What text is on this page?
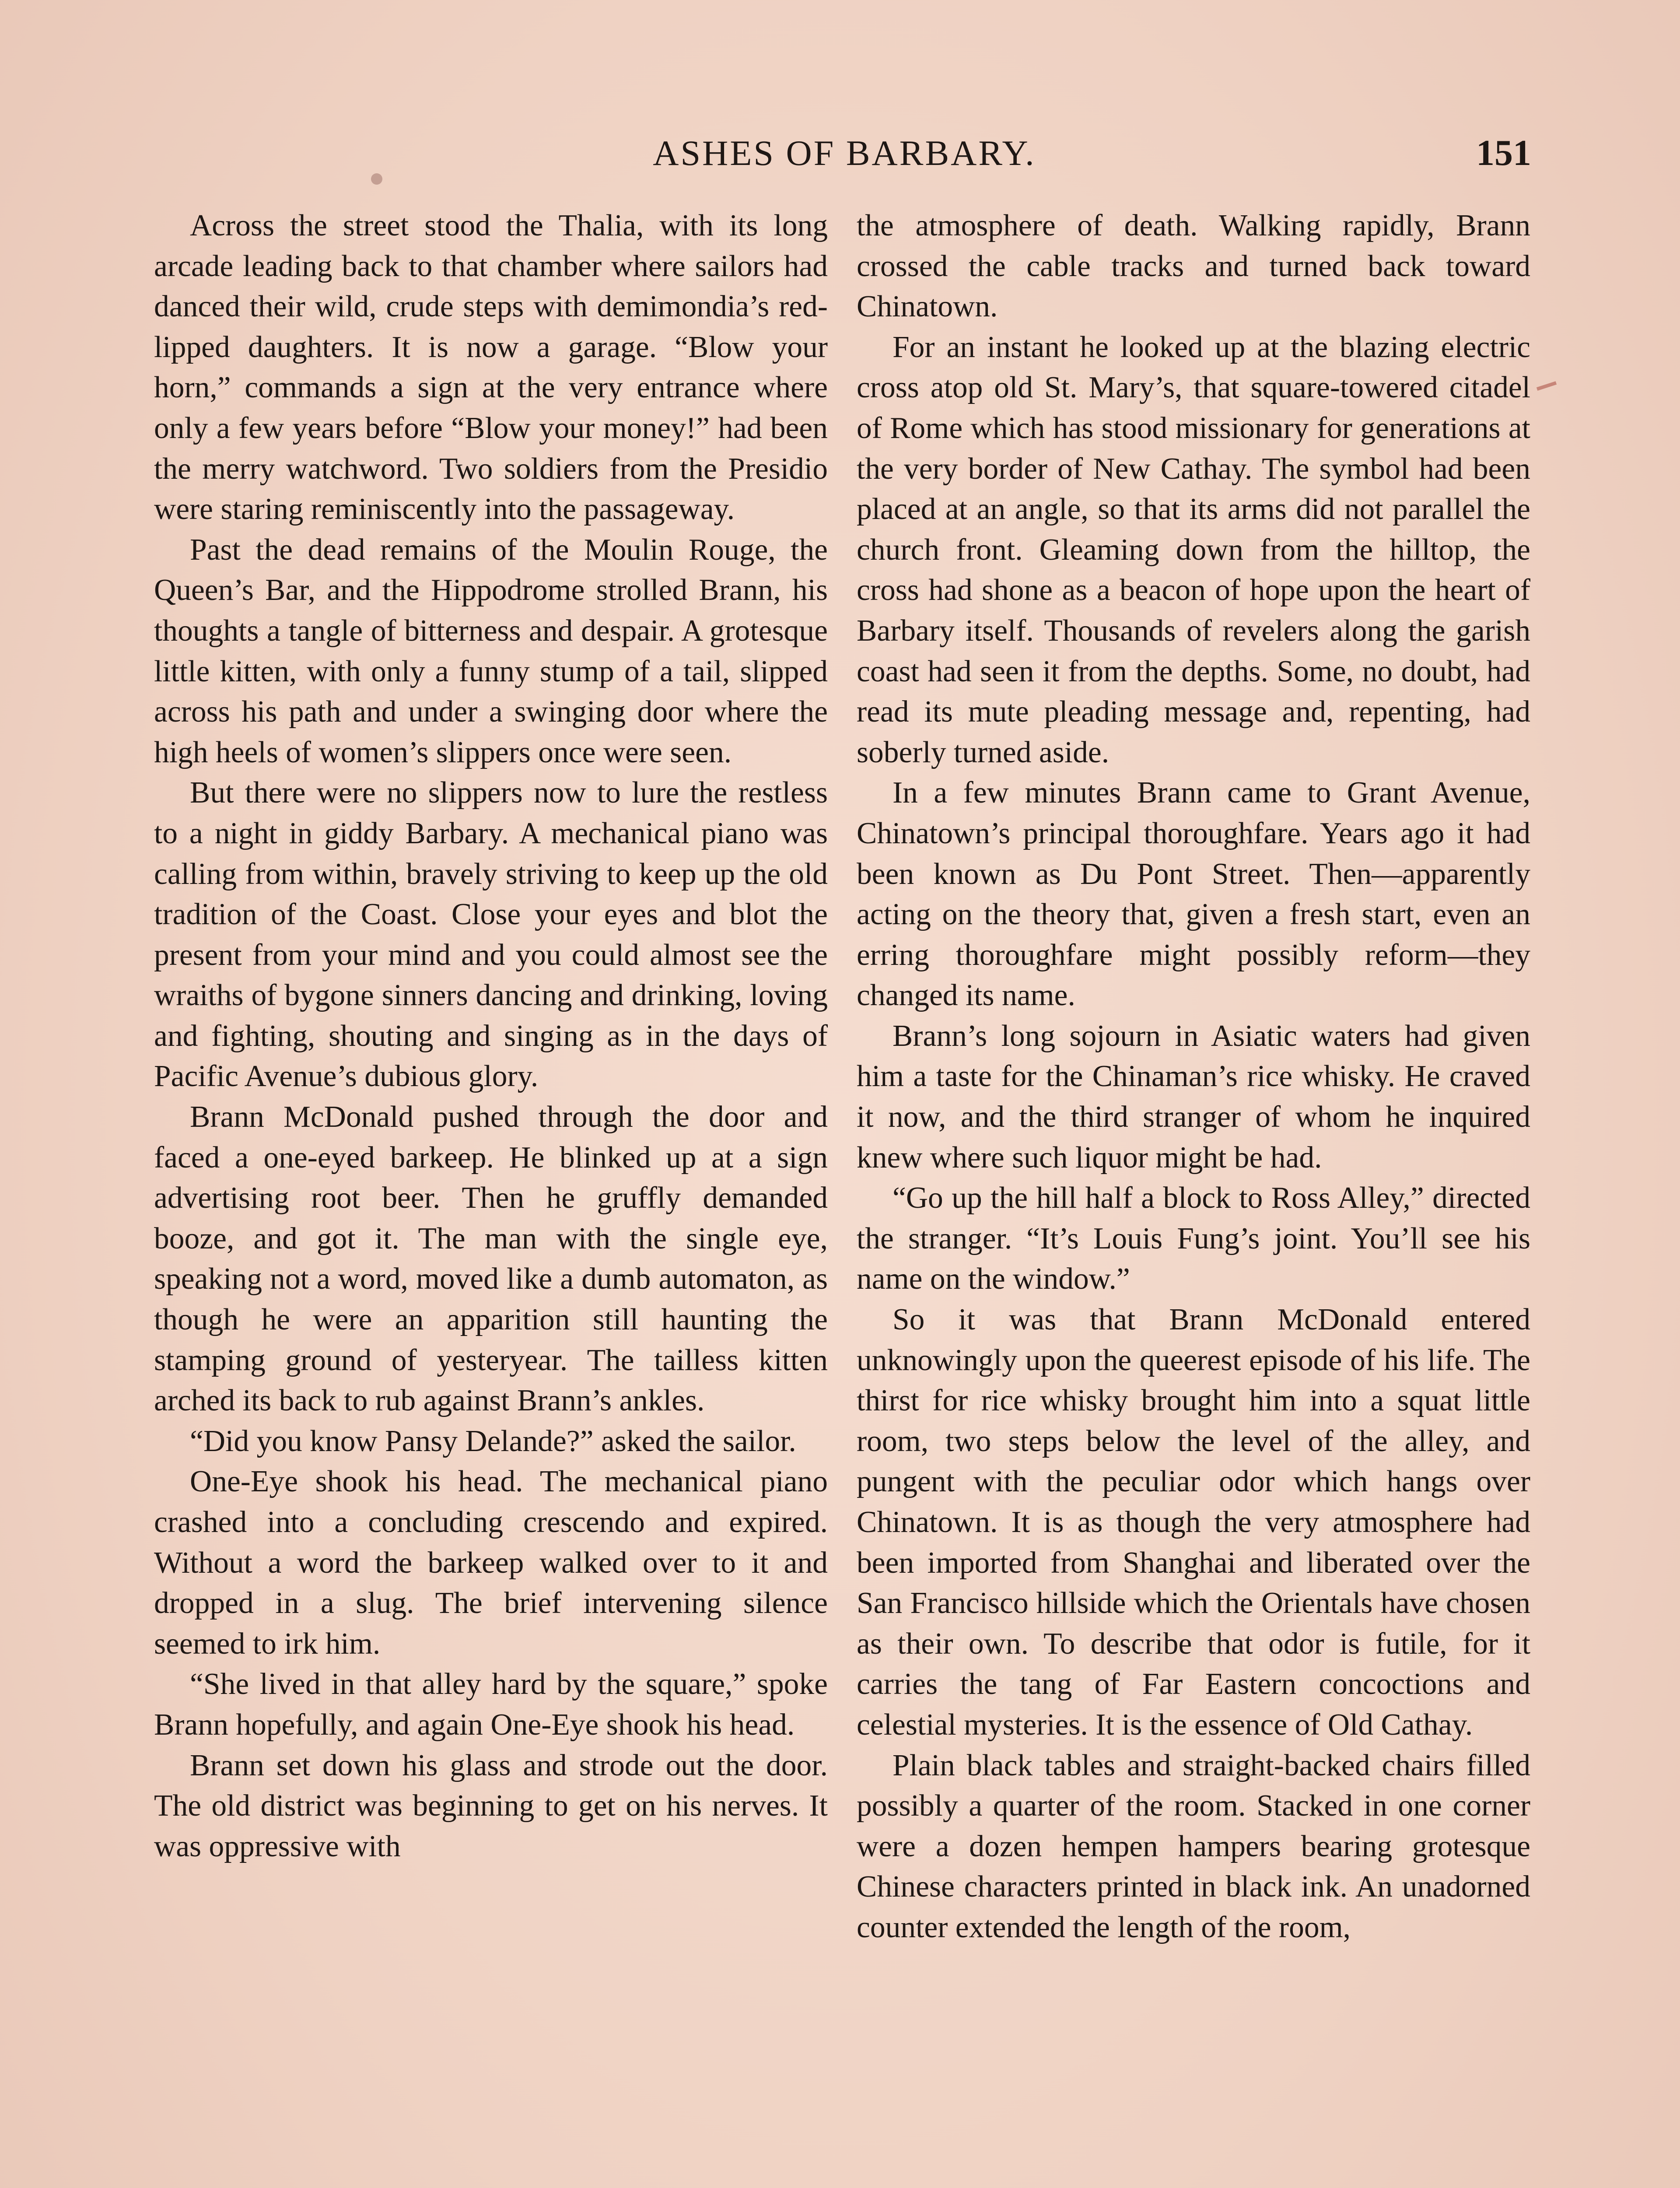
ASHES OF BARBARY.	151

Across the street stood the Thalia, with its long arcade leading back to that chamber where sailors had danced their wild, crude steps with demimondia’s red-lipped daughters. It is now a garage. “Blow your horn,” commands a sign at the very entrance where only a few years before “Blow your money!” had been the merry watchword. Two soldiers from the Presidio were staring reminiscently into the passageway.

Past the dead remains of the Moulin Rouge, the Queen’s Bar, and the Hippodrome strolled Brann, his thoughts a tangle of bitterness and despair. A grotesque little kitten, with only a funny stump of a tail, slipped across his path and under a swinging door where the high heels of women’s slippers once were seen.

But there were no slippers now to lure the restless to a night in giddy Barbary. A mechanical piano was calling from within, bravely striving to keep up the old tradition of the Coast. Close your eyes and blot the present from your mind and you could almost see the wraiths of bygone sinners dancing and drinking, loving and fighting, shouting and singing as in the days of Pacific Avenue’s dubious glory.

Brann McDonald pushed through the door and faced a one-eyed barkeep. He blinked up at a sign advertising root beer. Then he gruffly demanded booze, and got it. The man with the single eye, speaking not a word, moved like a dumb automaton, as though he were an apparition still haunting the stamping ground of yesteryear. The tailless kitten arched its back to rub against Brann’s ankles.

“Did you know Pansy Delande?” asked the sailor.

One-Eye shook his head. The mechanical piano crashed into a concluding crescendo and expired. Without a word the barkeep walked over to it and dropped in a slug. The brief intervening silence seemed to irk him.

“She lived in that alley hard by the square,” spoke Brann hopefully, and again One-Eye shook his head.

Brann set down his glass and strode out the door. The old district was beginning to get on his nerves. It was oppressive with

the atmosphere of death. Walking rapidly, Brann crossed the cable tracks and turned back toward Chinatown.

For an instant he looked up at the blazing electric cross atop old St. Mary’s, that square-towered citadel of Rome which has stood missionary for generations at the very border of New Cathay. The symbol had been placed at an angle, so that its arms did not parallel the church front. Gleaming down from the hilltop, the cross had shone as a beacon of hope upon the heart of Barbary itself. Thousands of revelers along the garish coast had seen it from the depths. Some, no doubt, had read its mute pleading message and, repenting, had soberly turned aside.

In a few minutes Brann came to Grant Avenue, Chinatown’s principal thoroughfare. Years ago it had been known as Du Pont Street. Then—apparently acting on the theory that, given a fresh start, even an erring thoroughfare might possibly reform—they changed its name.

Brann’s long sojourn in Asiatic waters had given him a taste for the Chinaman’s rice whisky. He craved it now, and the third stranger of whom he inquired knew where such liquor might be had.

“Go up the hill half a block to Ross Alley,” directed the stranger. “It’s Louis Fung’s joint. You’ll see his name on the window.”

So it was that Brann McDonald entered unknowingly upon the queerest episode of his life. The thirst for rice whisky brought him into a squat little room, two steps below the level of the alley, and pungent with the peculiar odor which hangs over Chinatown. It is as though the very atmosphere had been imported from Shanghai and liberated over the San Francisco hillside which the Orientals have chosen as their own. To describe that odor is futile, for it carries the tang of Far Eastern concoctions and celestial mysteries. It is the essence of Old Cathay.

Plain black tables and straight-backed chairs filled possibly a quarter of the room. Stacked in one corner were a dozen hempen hampers bearing grotesque Chinese characters printed in black ink. An unadorned counter extended the length of the room,
